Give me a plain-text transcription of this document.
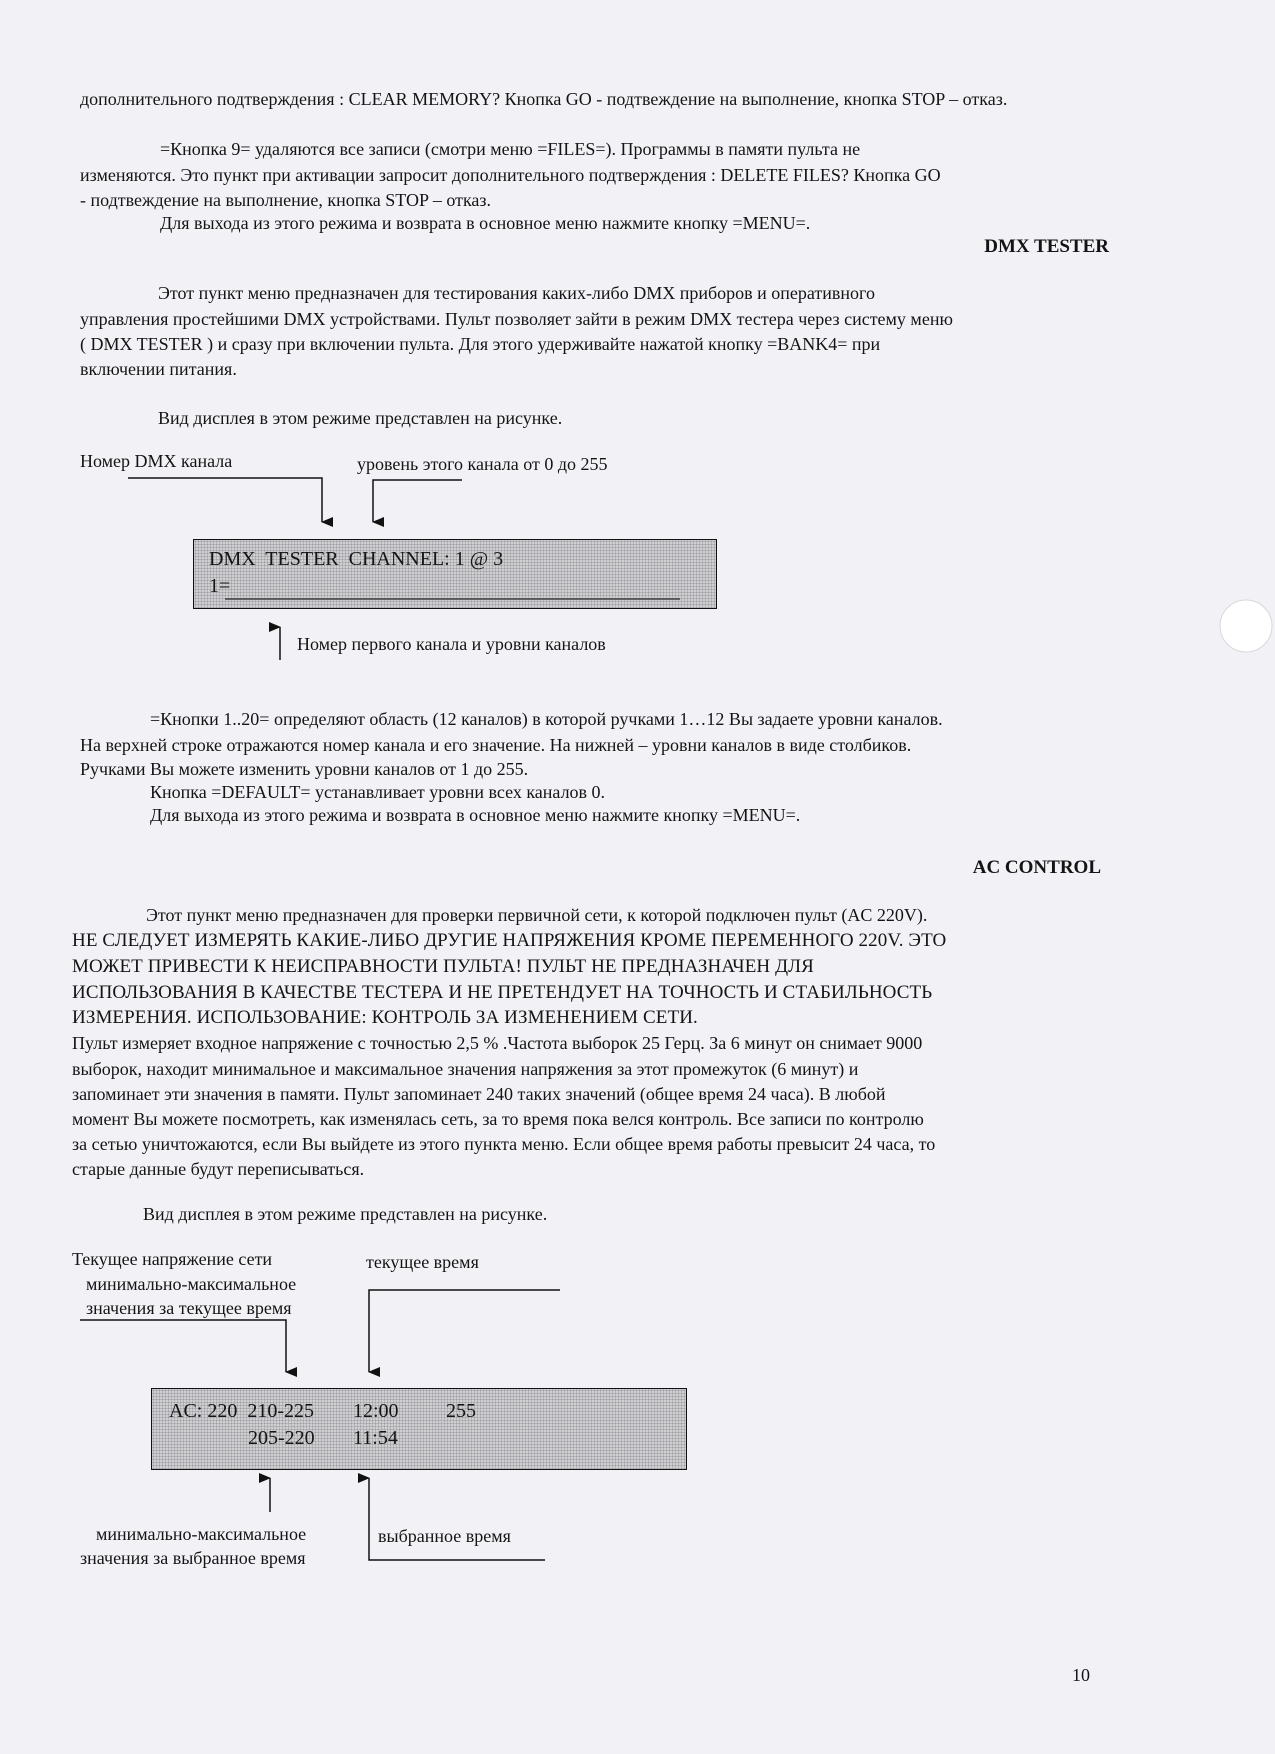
дополнительного подтверждения : CLEAR MEMORY? Кнопка GO - подтвеждение на выполнение, кнопка STOP – отказ.

=Кнопка 9= удаляются все записи (смотри меню =FILES=). Программы в памяти пульта не

изменяются. Это пункт при активации запросит дополнительного подтверждения : DELETE FILES? Кнопка GO

- подтвеждение на выполнение, кнопка STOP – отказ.

Для выхода из этого режима и возврата в основное меню нажмите кнопку =MENU=.

DMX TESTER

Этот пункт меню предназначен для тестирования каких-либо DMX приборов и оперативного

управления простейшими DMX устройствами. Пульт позволяет зайти в режим DMX тестера через систему меню

( DMX TESTER ) и сразу при включении пульта. Для этого удерживайте нажатой кнопку =BANK4= при

включении питания.

Вид дисплея в этом режиме представлен на рисунке.

Номер DMX канала	уровень этого канала от 0 до 255

DMX  TESTER  CHANNEL: 1 @ 3
1=

Номер первого канала и уровни каналов

=Кнопки 1..20= определяют область (12 каналов) в которой ручками 1…12 Вы задаете уровни каналов.

На верхней строке отражаются номер канала и его значение. На нижней – уровни каналов в виде столбиков.

Ручками Вы можете изменить уровни каналов от 1 до 255.

Кнопка =DEFAULT= устанавливает уровни всех каналов 0.

Для выхода из этого режима и возврата в основное меню нажмите кнопку =MENU=.

AC CONTROL

Этот пункт меню предназначен для проверки первичной сети, к которой подключен пульт (AC 220V).

НЕ СЛЕДУЕТ ИЗМЕРЯТЬ КАКИЕ-ЛИБО ДРУГИЕ НАПРЯЖЕНИЯ КРОМЕ ПЕРЕМЕННОГО 220V. ЭТО

МОЖЕТ ПРИВЕСТИ К НЕИСПРАВНОСТИ ПУЛЬТА! ПУЛЬТ НЕ ПРЕДНАЗНАЧЕН ДЛЯ

ИСПОЛЬЗОВАНИЯ В КАЧЕСТВЕ ТЕСТЕРА И НЕ ПРЕТЕНДУЕТ НА ТОЧНОСТЬ И СТАБИЛЬНОСТЬ

ИЗМЕРЕНИЯ. ИСПОЛЬЗОВАНИЕ: КОНТРОЛЬ ЗА ИЗМЕНЕНИЕМ СЕТИ.

Пульт измеряет входное напряжение с точностью 2,5 % .Частота выборок 25 Герц. За 6 минут он снимает 9000

выборок, находит минимальное и максимальное значения напряжения за этот промежуток (6 минут) и

запоминает эти значения в памяти. Пульт запоминает 240 таких значений (общее время 24 часа). В любой

момент Вы можете посмотреть, как изменялась сеть, за то время пока велся контроль. Все записи по контролю

за сетью уничтожаются, если Вы выйдете из этого пункта меню. Если общее время работы превысит 24 часа, то

старые данные будут переписываться.

Вид дисплея в этом режиме представлен на рисунке.

Текущее напряжение сети

минимально-максимальное

значения за текущее время

текущее время

AC: 220  210-225 12:00 255
205-220 11:54

минимально-максимальное

значения за выбранное время

выбранное время

10
